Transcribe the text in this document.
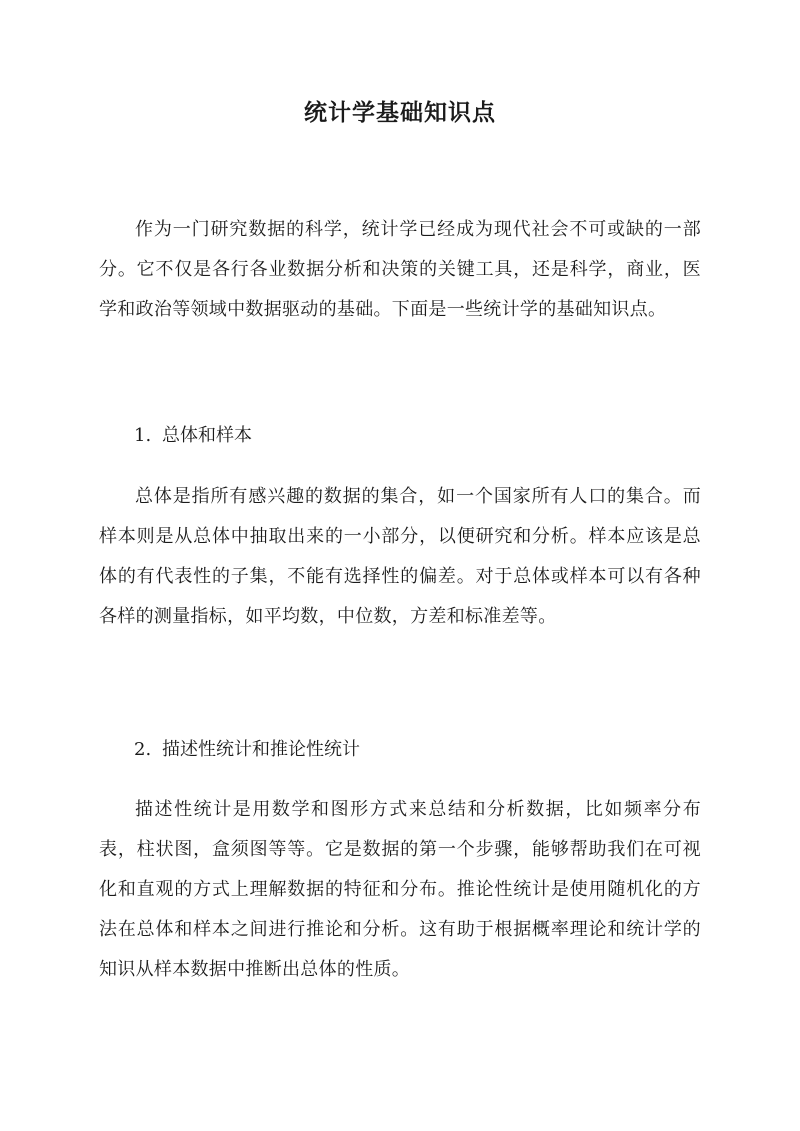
统计学基础知识点

作为一门研究数据的科学，统计学已经成为现代社会不可或缺的一部分。它不仅是各行各业数据分析和决策的关键工具，还是科学，商业，医学和政治等领域中数据驱动的基础。下面是一些统计学的基础知识点。

1. 总体和样本

总体是指所有感兴趣的数据的集合，如一个国家所有人口的集合。而样本则是从总体中抽取出来的一小部分，以便研究和分析。样本应该是总体的有代表性的子集，不能有选择性的偏差。对于总体或样本可以有各种各样的测量指标，如平均数，中位数，方差和标准差等。

2. 描述性统计和推论性统计

描述性统计是用数学和图形方式来总结和分析数据，比如频率分布表，柱状图，盒须图等等。它是数据的第一个步骤，能够帮助我们在可视化和直观的方式上理解数据的特征和分布。推论性统计是使用随机化的方法在总体和样本之间进行推论和分析。这有助于根据概率理论和统计学的知识从样本数据中推断出总体的性质。
